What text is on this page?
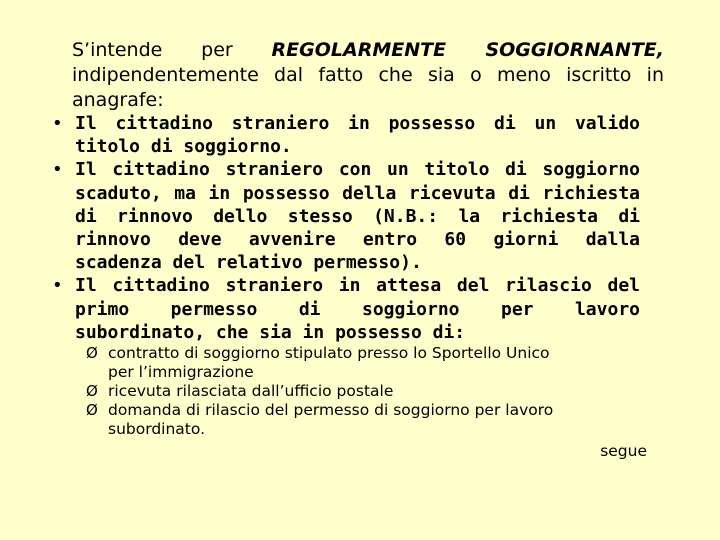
S’intende per REGOLARMENTE SOGGIORNANTE,
indipendentemente dal fatto che sia o meno iscritto in
anagrafe:
• Il cittadino straniero in possesso di un valido
titolo di soggiorno.
• Il cittadino straniero con un titolo di soggiorno
scaduto, ma in possesso della ricevuta di richiesta
di rinnovo dello stesso (N.B.: la richiesta di
rinnovo deve avvenire entro 60 giorni dalla
scadenza del relativo permesso).
• Il cittadino straniero in attesa del rilascio del
primo permesso di soggiorno per lavoro
subordinato, che sia in possesso di:
Ø contratto di soggiorno stipulato presso lo Sportello Unico
per l’immigrazione
Ø ricevuta rilasciata dall’ufficio postale
Ø domanda di rilascio del permesso di soggiorno per lavoro
subordinato.
segue
